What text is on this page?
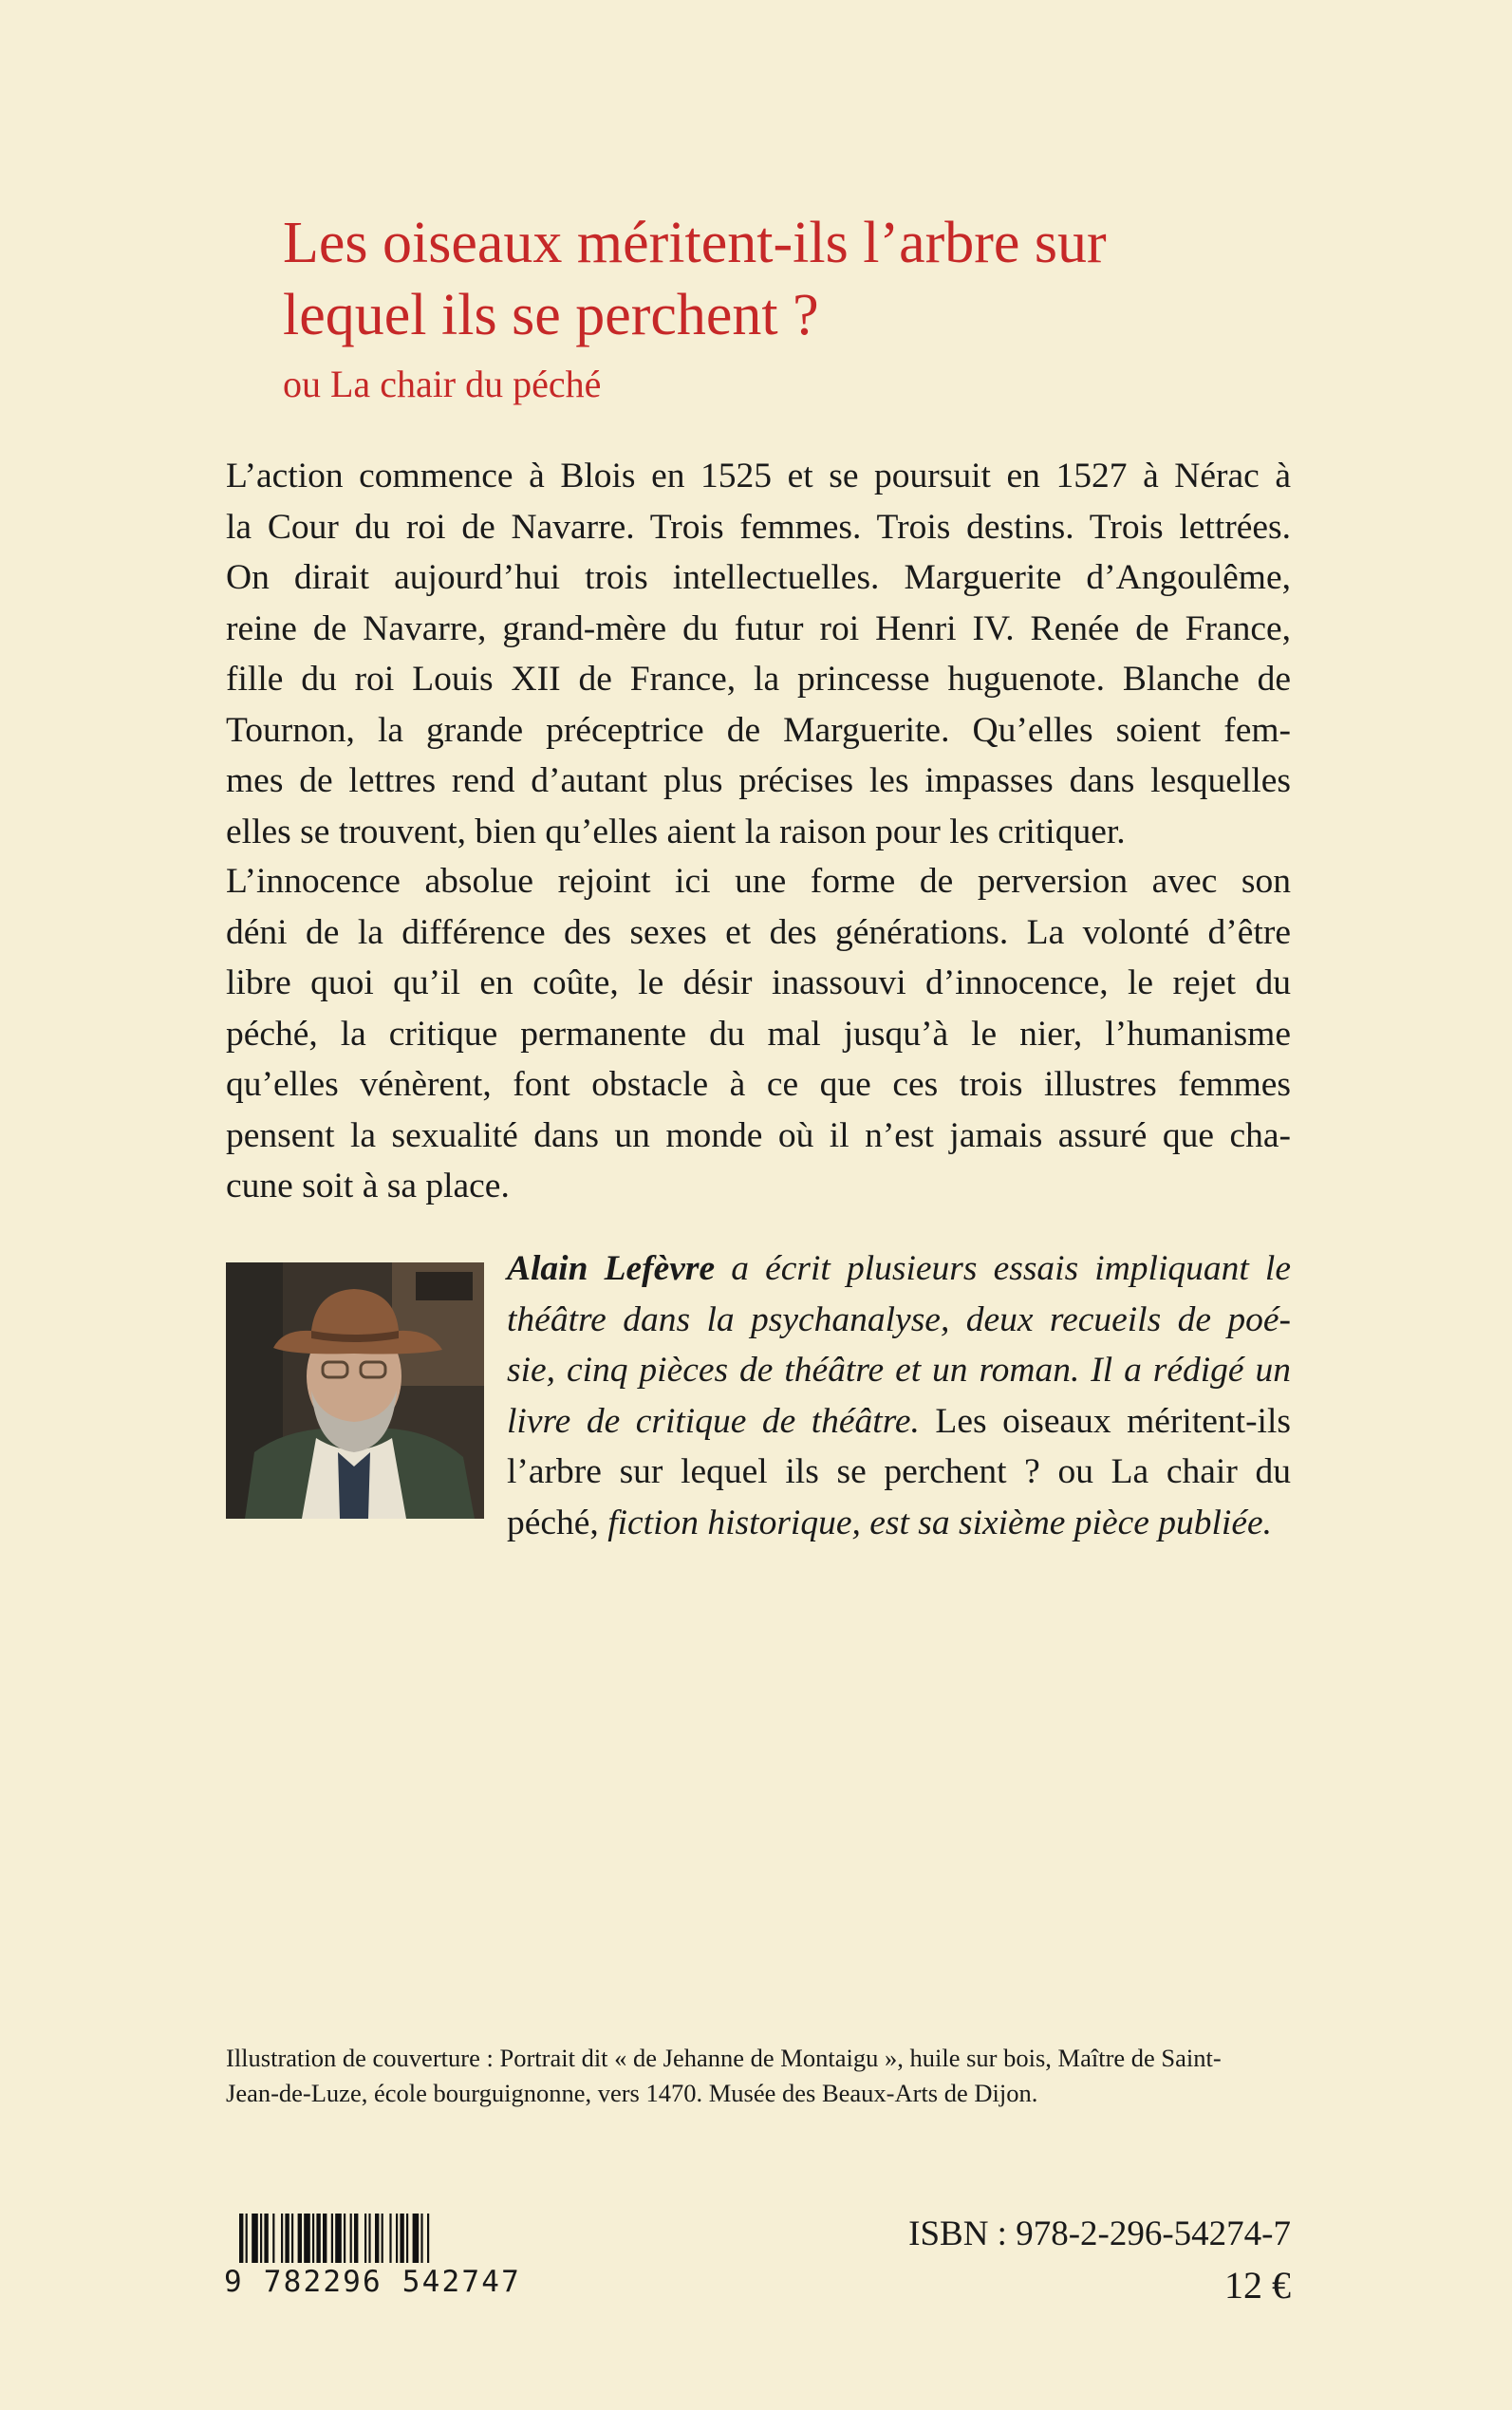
Les oiseaux méritent-ils l’arbre sur
lequel ils se perchent ?
ou La chair du péché
L’action commence à Blois en 1525 et se poursuit en 1527 à Nérac à
la Cour du roi de Navarre. Trois femmes. Trois destins. Trois lettrées.
On dirait aujourd’hui trois intellectuelles. Marguerite d’Angoulême,
reine de Navarre, grand-mère du futur roi Henri IV. Renée de France,
fille du roi Louis XII de France, la princesse huguenote. Blanche de
Tournon, la grande préceptrice de Marguerite. Qu’elles soient fem-
mes de lettres rend d’autant plus précises les impasses dans lesquelles
elles se trouvent, bien qu’elles aient la raison pour les critiquer.
L’innocence absolue rejoint ici une forme de perversion avec son
déni de la différence des sexes et des générations. La volonté d’être
libre quoi qu’il en coûte, le désir inassouvi d’innocence, le rejet du
péché, la critique permanente du mal jusqu’à le nier, l’humanisme
qu’elles vénèrent, font obstacle à ce que ces trois illustres femmes
pensent la sexualité dans un monde où il n’est jamais assuré que cha-
cune soit à sa place.
Alain Lefèvre a écrit plusieurs essais impliquant le
théâtre dans la psychanalyse, deux recueils de poé-
sie, cinq pièces de théâtre et un roman. Il a rédigé un
livre de critique de théâtre. Les oiseaux méritent-ils
l’arbre sur lequel ils se perchent ? ou La chair du
péché, fiction historique, est sa sixième pièce publiée.
Illustration de couverture : Portrait dit « de Jehanne de Montaigu », huile sur bois, Maître de Saint-
Jean-de-Luze, école bourguignonne, vers 1470. Musée des Beaux-Arts de Dijon.
9 782296 542747
ISBN : 978-2-296-54274-7
12 €
